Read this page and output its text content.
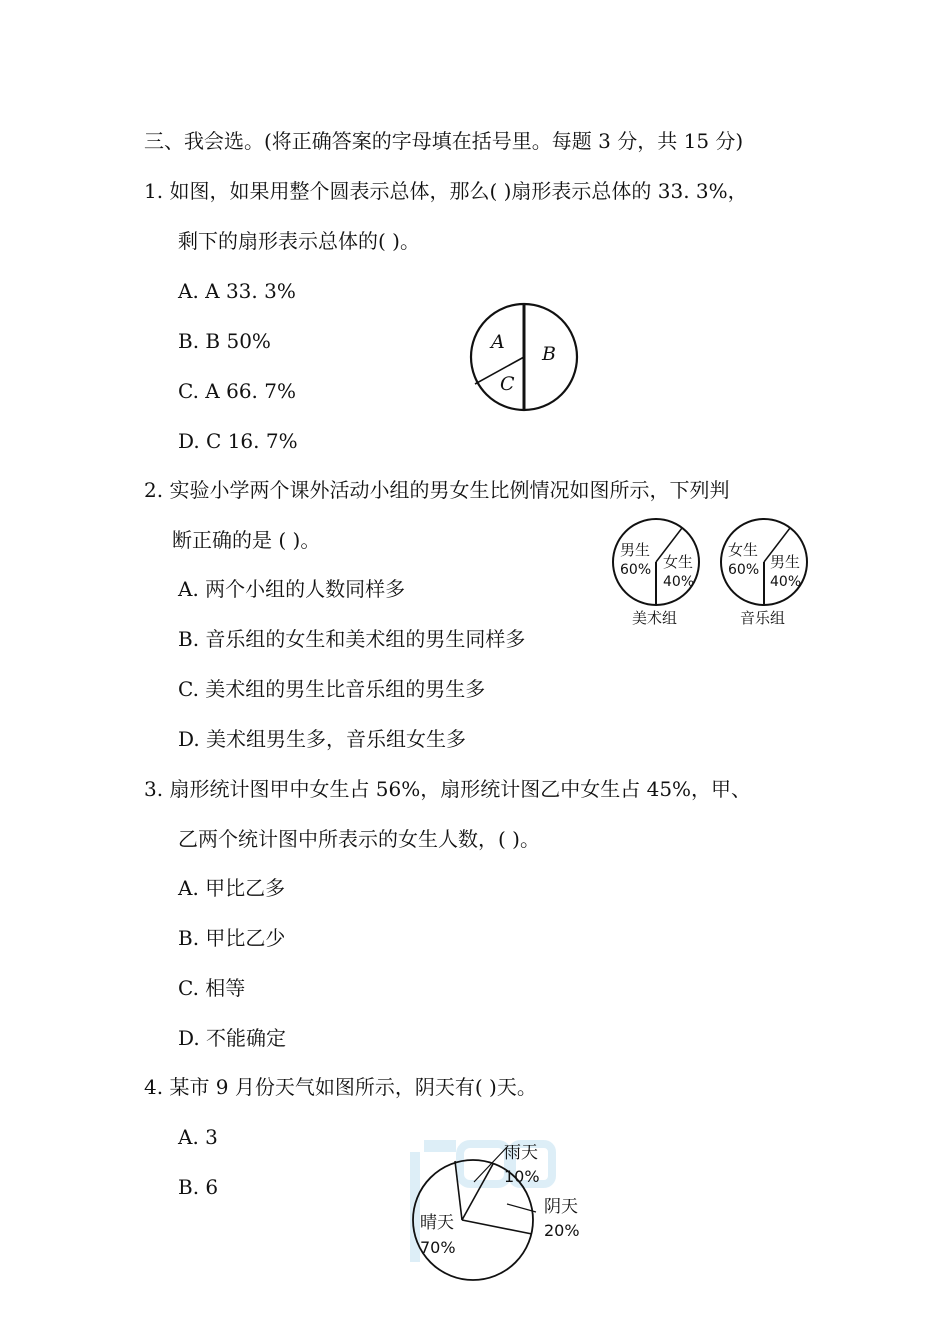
三、我会选。(将正确答案的字母填在括号里。每题 3 分，共 15 分)
1. 如图，如果用整个圆表示总体，那么( )扇形表示总体的 33. 3%，
剩下的扇形表示总体的( )。
A. A 33. 3%
B. B 50%
C. A 66. 7%
D. C 16. 7%
A
B
C
2. 实验小学两个课外活动小组的男女生比例情况如图所示，下列判
断正确的是 ( )。
A. 两个小组的人数同样多
B. 音乐组的女生和美术组的男生同样多
C. 美术组的男生比音乐组的男生多
D. 美术组男生多，音乐组女生多
男生
60% 女生
40%
美术组
女生
60% 男生
40%
音乐组
3. 扇形统计图甲中女生占 56%，扇形统计图乙中女生占 45%，甲、
乙两个统计图中所表示的女生人数，( )。
A. 甲比乙多
B. 甲比乙少
C. 相等
D. 不能确定
4. 某市 9 月份天气如图所示，阴天有( )天。
A. 3
B. 6
雨天
10%
阴天
20%
晴天
70%
